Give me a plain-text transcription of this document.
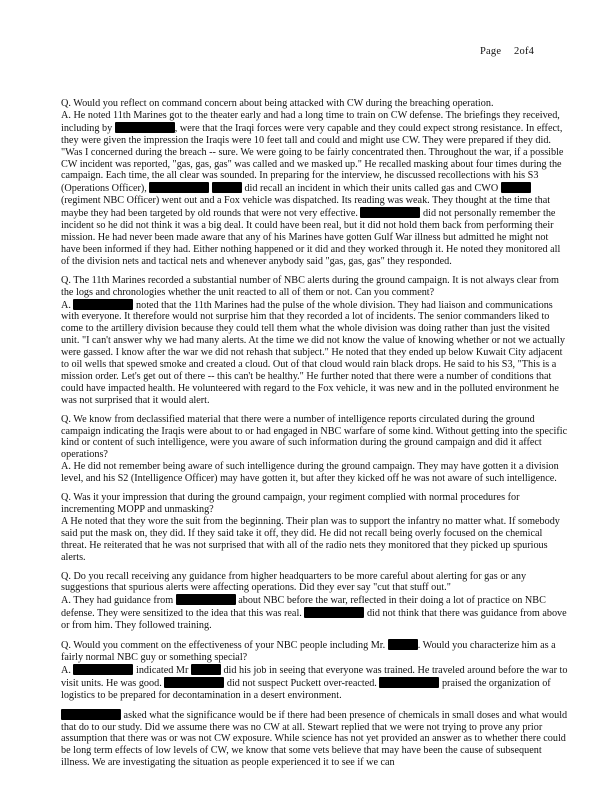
Page 2of4

Q. Would you reflect on command concern about being attacked with CW during the breaching operation.

A. He noted 11th Marines got to the theater early and had a long time to train on CW defense. The briefings they received, including by	, were that the Iraqi forces were very capable and they could expect strong resistance. In effect, they were given the impression the Iraqis were 10 feet tall and could and might use CW. They were prepared if they did. "Was I concerned during the breach -- sure. We were going to be fairly concentrated then. Throughout the war, if a possible CW incident was reported, "gas, gas, gas" was called and we masked up." He recalled masking about four times during the campaign. Each time, the all clear was sounded. In preparing for the interview, he discussed recollections with his S3 (Operations Officer),	did recall an incident in which their units called gas and CWO  (regiment NBC Officer) went out and a Fox vehicle was dispatched. Its reading was weak. They thought at the time that maybe they had been targeted by old rounds that were not very effective.	did not personally remember the incident so he did not think it was a big deal. It could have been real, but it did not hold them back from performing their mission. He had never been made aware that any of his Marines have gotten Gulf War illness but admitted he might not have been informed if they had. Either nothing happened or it did and they worked through it. He noted they monitored all of the division nets and tactical nets and whenever anybody said "gas, gas, gas" they responded.

Q. The 11th Marines recorded a substantial number of NBC alerts during the ground campaign. It is not always clear from the logs and chronologies whether the unit reacted to all of them or not. Can you comment?

A.	noted that the 11th Marines had the pulse of the whole division. They had liaison and communications with everyone. It therefore would not surprise him that they recorded a lot of incidents. The senior commanders liked to come to the artillery division because they could tell them what the whole division was doing rather than just the visited unit. "I can't answer why we had many alerts. At the time we did not know the value of knowing whether or not we actually were gassed. I know after the war we did not rehash that subject." He noted that they ended up below Kuwait City adjacent to oil wells that spewed smoke and created a cloud. Out of that cloud would rain black drops. He said to his S3, "This is a mission order. Let's get out of there -- this can't be healthy." He further noted that there were a number of conditions that could have impacted health. He volunteered with regard to the Fox vehicle, it was new and in the polluted environment he was not surprised that it would alert.

Q. We know from declassified material that there were a number of intelligence reports circulated during the ground campaign indicating the Iraqis were about to or had engaged in NBC warfare of some kind. Without getting into the specific kind or content of such intelligence, were you aware of such information during the ground campaign and did it affect operations?

A. He did not remember being aware of such intelligence during the ground campaign. They may have gotten it a division level, and his S2 (Intelligence Officer) may have gotten it, but after they kicked off he was not aware of such intelligence.

Q. Was it your impression that during the ground campaign, your regiment complied with normal procedures for incrementing MOPP and unmasking?

A He noted that they wore the suit from the beginning. Their plan was to support the infantry no matter what. If somebody said put the mask on, they did. If they said take it off, they did. He did not recall being overly focused on the chemical threat. He reiterated that he was not surprised that with all of the radio nets they monitored that they picked up spurious alerts.

Q. Do you recall receiving any guidance from higher headquarters to be more careful about alerting for gas or any suggestions that spurious alerts were affecting operations. Did they ever say "cut that stuff out."

A. They had guidance from	about NBC before the war, reflected in their doing a lot of practice on NBC defense. They were sensitized to the idea that this was real.	did not think that there was guidance from above or from him. They followed training.

Q. Would you comment on the effectiveness of your NBC people including Mr.	. Would you characterize him as a fairly normal NBC guy or something special?

A.	indicated Mr	did his job in seeing that everyone was trained. He traveled around before the war to visit units. He was good.	did not suspect Puckett over-reacted.	praised the organization of logistics to be prepared for decontamination in a desert environment.

asked what the significance would be if there had been presence of chemicals in small doses and what would that do to our study. Did we assume there was no CW at all. Stewart replied that we were not trying to prove any prior assumption that there was or was not CW exposure. While science has not yet provided an answer as to whether there could be long term effects of low levels of CW, we know that some vets believe that may have been the cause of subsequent illness. We are investigating the situation as people experienced it to see if we can
